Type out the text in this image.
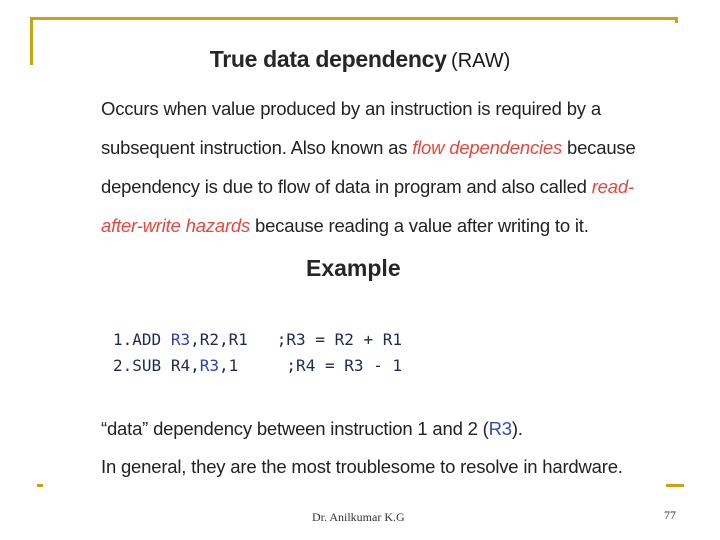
True data dependency (RAW)
Occurs when value produced by an instruction is required by a
subsequent instruction. Also known as flow dependencies because
dependency is due to flow of data in program and also called read-
after-write hazards because reading a value after writing to it.
Example
1.ADD R3,R2,R1 ;R3 = R2 + R1
2.SUB R4,R3,1	;R4 = R3 - 1
“data” dependency between instruction 1 and 2 (R3).
In general, they are the most troublesome to resolve in hardware.
Dr. Anilkumar K.G	77
